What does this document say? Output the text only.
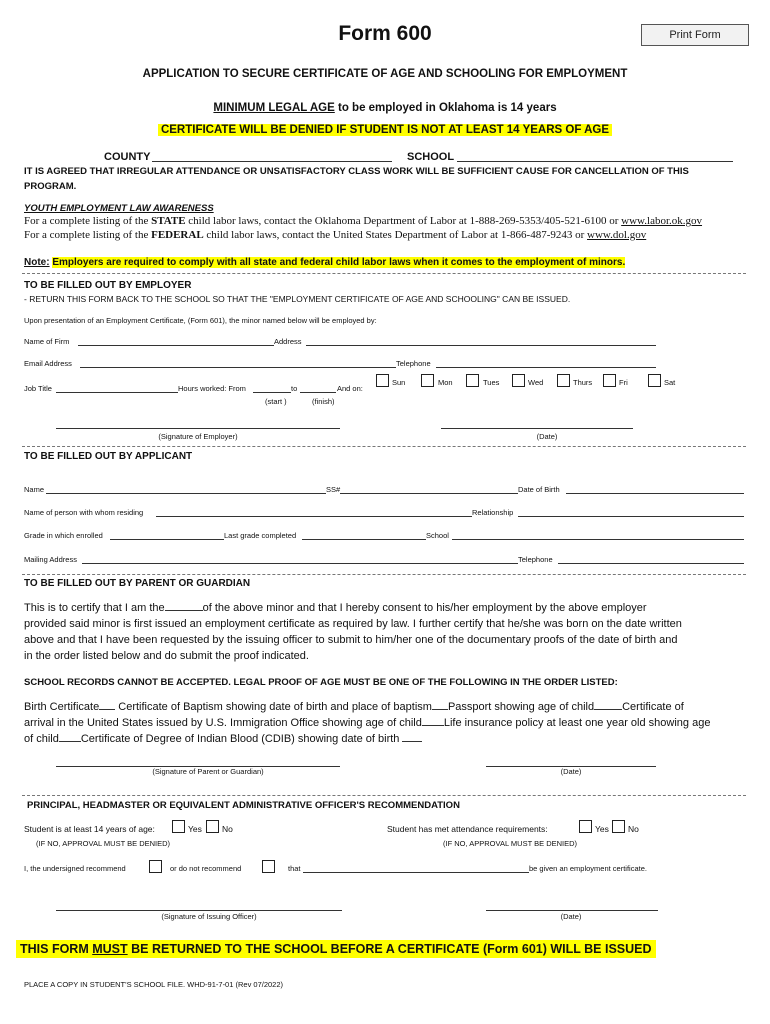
Form 600	Print Form
APPLICATION TO SECURE CERTIFICATE OF AGE AND SCHOOLING FOR EMPLOYMENT
MINIMUM LEGAL AGE to be employed in Oklahoma is 14 years
CERTIFICATE WILL BE DENIED IF STUDENT IS NOT AT LEAST 14 YEARS OF AGE
COUNTY	SCHOOL
IT IS AGREED THAT IRREGULAR ATTENDANCE OR UNSATISFACTORY CLASS WORK WILL BE SUFFICIENT CAUSE FOR CANCELLATION OF THIS
PROGRAM.
YOUTH EMPLOYMENT LAW AWARENESS
For a complete listing of the STATE child labor laws, contact the Oklahoma Department of Labor at 1-888-269-5353/405-521-6100 or www.labor.ok.gov
For a complete listing of the FEDERAL child labor laws, contact the United States Department of Labor at 1-866-487-9243 or www.dol.gov
Note: Employers are required to comply with all state and federal child labor laws when it comes to the employment of minors.
TO BE FILLED OUT BY EMPLOYER
- RETURN THIS FORM BACK TO THE SCHOOL SO THAT THE "EMPLOYMENT CERTIFICATE OF AGE AND SCHOOLING" CAN BE ISSUED.
Upon presentation of an Employment Certificate, (Form 601), the minor named below will be employed by:
Name of Firm	Address
Email Address	Telephone
Job Title	Hours worked: From	to	And on:
(start )	(finish)
Sun	Mon	Tues	Wed	Thurs	Fri	Sat
(Signature of Employer)	(Date)
TO BE FILLED OUT BY APPLICANT
Name	SS#	Date of Birth
Name of person with whom residing	Relationship
Grade in which enrolled	Last grade completed	School
Mailing Address	Telephone
TO BE FILLED OUT BY PARENT OR GUARDIAN
This is to certify that I am the	of the above minor and that I hereby consent to his/her employment by the above employer
provided said minor is first issued an employment certificate as required by law. I further certify that he/she was born on the date written
above and that I have been requested by the issuing officer to submit to him/her one of the documentary proofs of the date of birth and
in the order listed below and do submit the proof indicated.
SCHOOL RECORDS CANNOT BE ACCEPTED. LEGAL PROOF OF AGE MUST BE ONE OF THE FOLLOWING IN THE ORDER LISTED:
Birth Certificate Certificate of Baptism showing date of birth and place of baptism Passport showing age of child	Certificate of
arrival in the United States issued by U.S. Immigration Office showing age of child Life insurance policy at least one year old showing age
of child Certificate of Degree of Indian Blood (CDIB) showing date of birth
(Signature of Parent or Guardian)	(Date)
PRINCIPAL, HEADMASTER OR EQUIVALENT ADMINISTRATIVE OFFICER'S RECOMMENDATION
Student is at least 14 years of age:	Yes No
(IF NO, APPROVAL MUST BE DENIED)
Student has met attendance requirements:	Yes No
(IF NO, APPROVAL MUST BE DENIED)
I, the undersigned recommend	or do not recommend	that	be given an employment certificate.
(Signature of Issuing Officer)	(Date)
THIS FORM MUST BE RETURNED TO THE SCHOOL BEFORE A CERTIFICATE (Form 601) WILL BE ISSUED
PLACE A COPY IN STUDENT'S SCHOOL FILE. WHD-91-7-01 (Rev 07/2022)
